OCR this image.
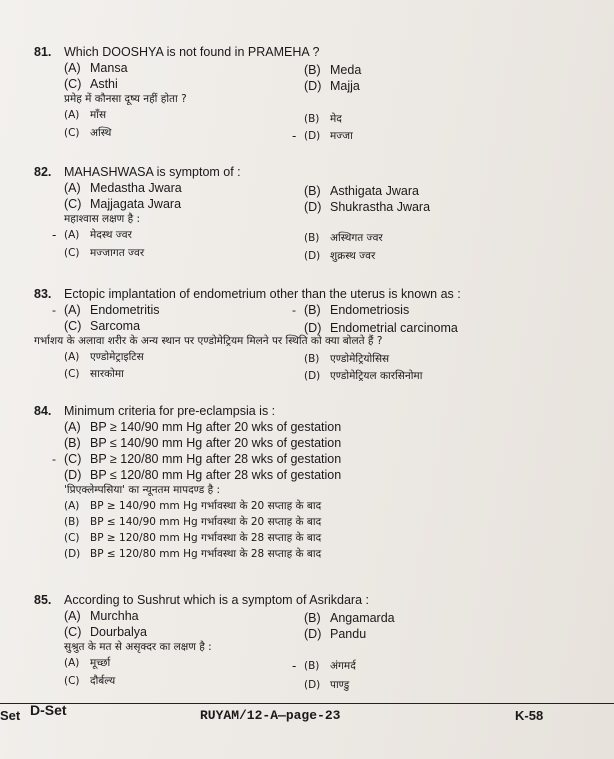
81.	Which DOOSHYA is not found in PRAMEHA ?
(A) Mansa	(B) Meda
(C) Asthi	(D) Majja
प्रमेह में कौनसा दूष्य नहीं होता ?
(A)	माँस	(B)	मेद
(C) अस्थि	- (D) मज्जा
82.	MAHASHWASA is symptom of :
(A) Medastha Jwara	(B) Asthigata Jwara
(C) Majjagata Jwara	(D) Shukrastha Jwara
महाश्वास लक्षण है :
- (A)	मेदस्थ ज्वर	(B)	अस्थिगत ज्वर
(C) मज्जागत ज्वर	(D) शुक्रस्थ ज्वर
83.	Ectopic implantation of endometrium other than the uterus is known as :
- (A) Endometritis	- (B) Endometriosis
(C) Sarcoma	(D) Endometrial carcinoma
गर्भाशय के अलावा शरीर के अन्य स्थान पर एण्डोमेट्रियम मिलने पर स्थिति को क्या बोलते हैं ?
(A)	एण्डोमेट्राइटिस	(B)	एण्डोमेट्रियोसिस
(C) सारकोमा	(D) एण्डोमेट्रियल कारसिनोमा
84.	Minimum criteria for pre-eclampsia is :
(A) BP ≥ 140/90 mm Hg after 20 wks of gestation
(B) BP ≤ 140/90 mm Hg after 20 wks of gestation
- (C) BP ≥ 120/80 mm Hg after 28 wks of gestation
(D) BP ≤ 120/80 mm Hg after 28 wks of gestation
'प्रिएक्लेम्पसिया' का न्यूनतम मापदण्ड है :
(A)	BP ≥ 140/90 mm Hg गर्भावस्था के 20 सप्ताह के बाद
(B)	BP ≤ 140/90 mm Hg गर्भावस्था के 20 सप्ताह के बाद
(C) BP ≥ 120/80 mm Hg गर्भावस्था के 28 सप्ताह के बाद
(D) BP ≤ 120/80 mm Hg गर्भावस्था के 28 सप्ताह के बाद
85.	According to Sushrut which is a symptom of Asrikdara :
(A) Murchha	(B) Angamarda
(C) Dourbalya	(D) Pandu
सुश्रुत के मत से असृक्दर का लक्षण है :
(A)	मूर्च्छा	- (B)	अंगमर्द
(C) दौर्बल्य	(D) पाण्डु
Set D-Set	RUYAM/12-A—page-23	K-58
